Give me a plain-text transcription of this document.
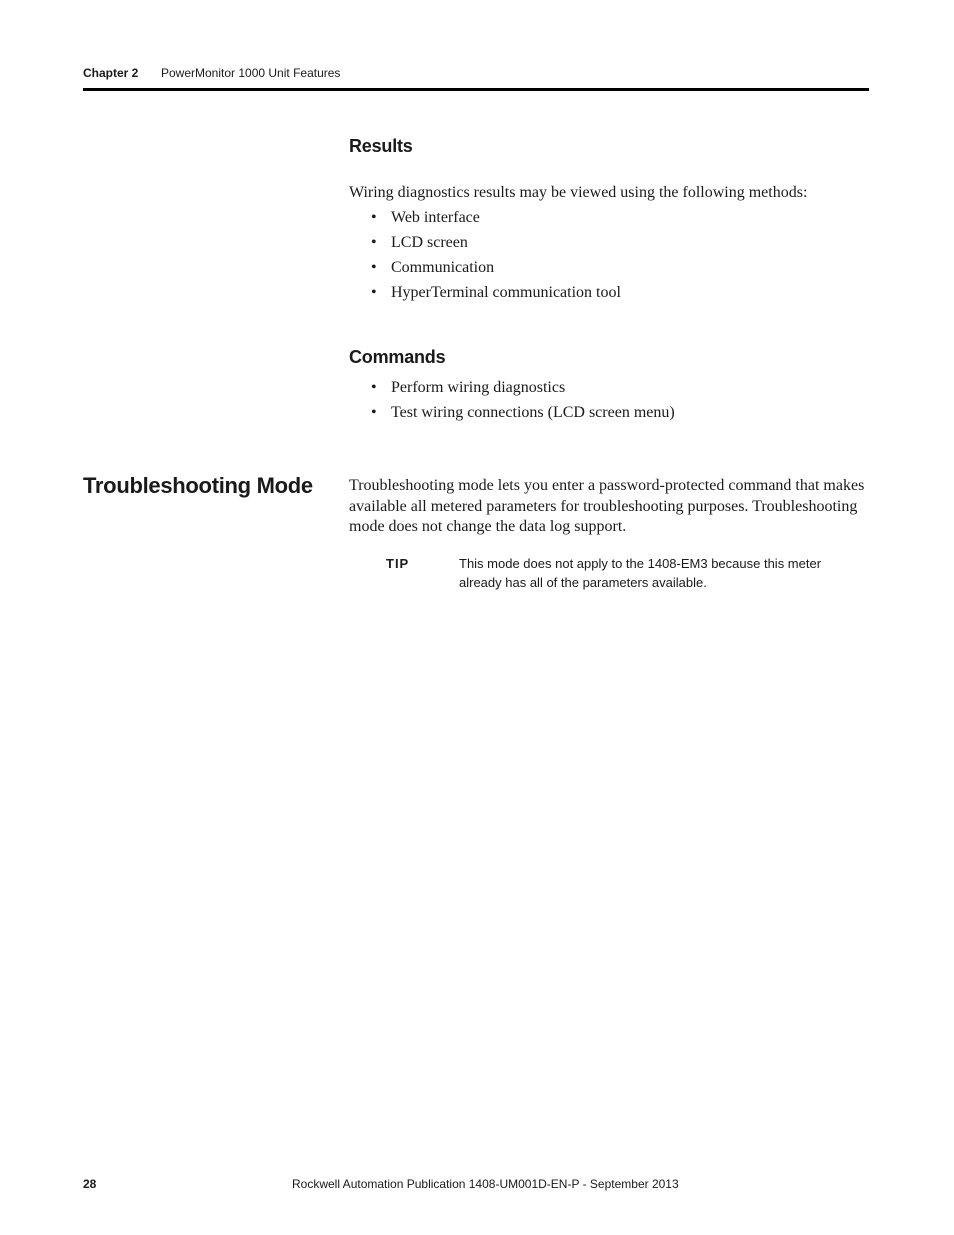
Chapter 2 PowerMonitor 1000 Unit Features
Results
Wiring diagnostics results may be viewed using the following methods:
• Web interface
• LCD screen
• Communication
• HyperTerminal communication tool
Commands
• Perform wiring diagnostics
• Test wiring connections (LCD screen menu)
Troubleshooting Mode Troubleshooting mode lets you enter a password-protected command that makes available all metered parameters for troubleshooting purposes. Troubleshooting mode does not change the data log support.
TIP	This mode does not apply to the 1408-EM3 because this meter already has all of the parameters available.
28	Rockwell Automation Publication 1408-UM001D-EN-P - September 2013
